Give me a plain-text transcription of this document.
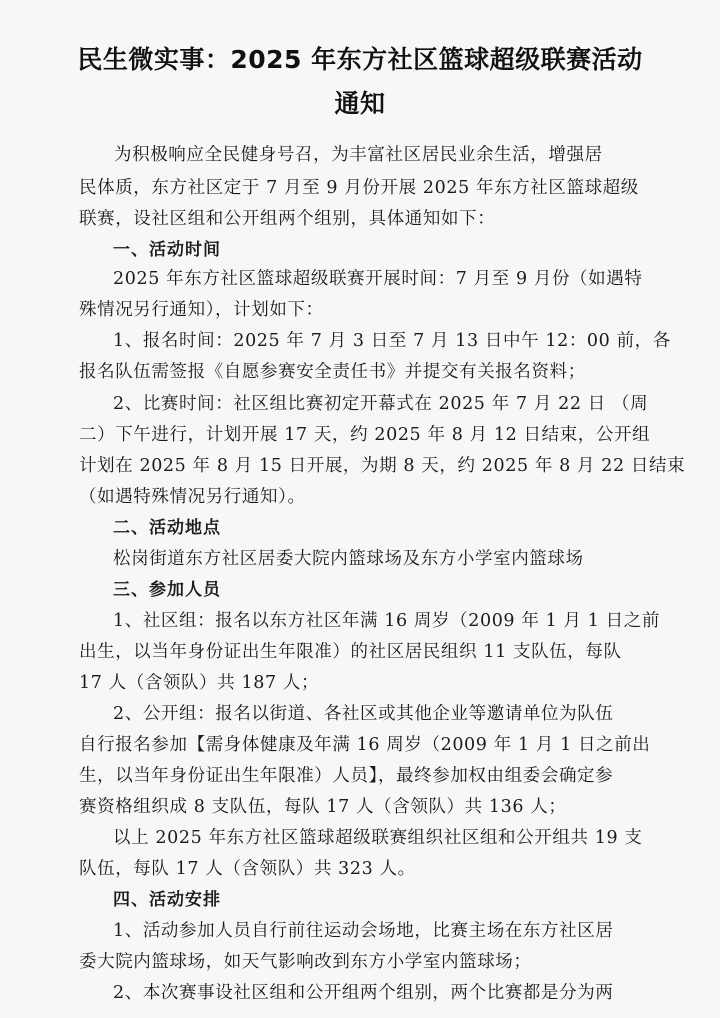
民生微实事：2025 年东方社区篮球超级联赛活动
通知
为积极响应全民健身号召，为丰富社区居民业余生活，增强居
民体质，东方社区定于 7 月至 9 月份开展 2025 年东方社区篮球超级
联赛，设社区组和公开组两个组别，具体通知如下：
一、活动时间
2025 年东方社区篮球超级联赛开展时间：7 月至 9 月份（如遇特
殊情况另行通知），计划如下：
1、报名时间：2025 年 7 月 3 日至 7 月 13 日中午 12：00 前，各
报名队伍需签报《自愿参赛安全责任书》并提交有关报名资料；
2、比赛时间：社区组比赛初定开幕式在 2025 年 7 月 22 日 （周
二）下午进行，计划开展 17 天，约 2025 年 8 月 12 日结束，公开组
计划在 2025 年 8 月 15 日开展，为期 8 天，约 2025 年 8 月 22 日结束
（如遇特殊情况另行通知）。
二、活动地点
松岗街道东方社区居委大院内篮球场及东方小学室内篮球场
三、参加人员
1、社区组：报名以东方社区年满 16 周岁（2009 年 1 月 1 日之前
出生，以当年身份证出生年限准）的社区居民组织 11 支队伍，每队
17 人（含领队）共 187 人；
2、公开组：报名以街道、各社区或其他企业等邀请单位为队伍
自行报名参加【需身体健康及年满 16 周岁（2009 年 1 月 1 日之前出
生，以当年身份证出生年限准）人员】，最终参加权由组委会确定参
赛资格组织成 8 支队伍，每队 17 人（含领队）共 136 人；
以上 2025 年东方社区篮球超级联赛组织社区组和公开组共 19 支
队伍，每队 17 人（含领队）共 323 人。
四、活动安排
1、活动参加人员自行前往运动会场地，比赛主场在东方社区居
委大院内篮球场，如天气影响改到东方小学室内篮球场；
2、本次赛事设社区组和公开组两个组别，两个比赛都是分为两
